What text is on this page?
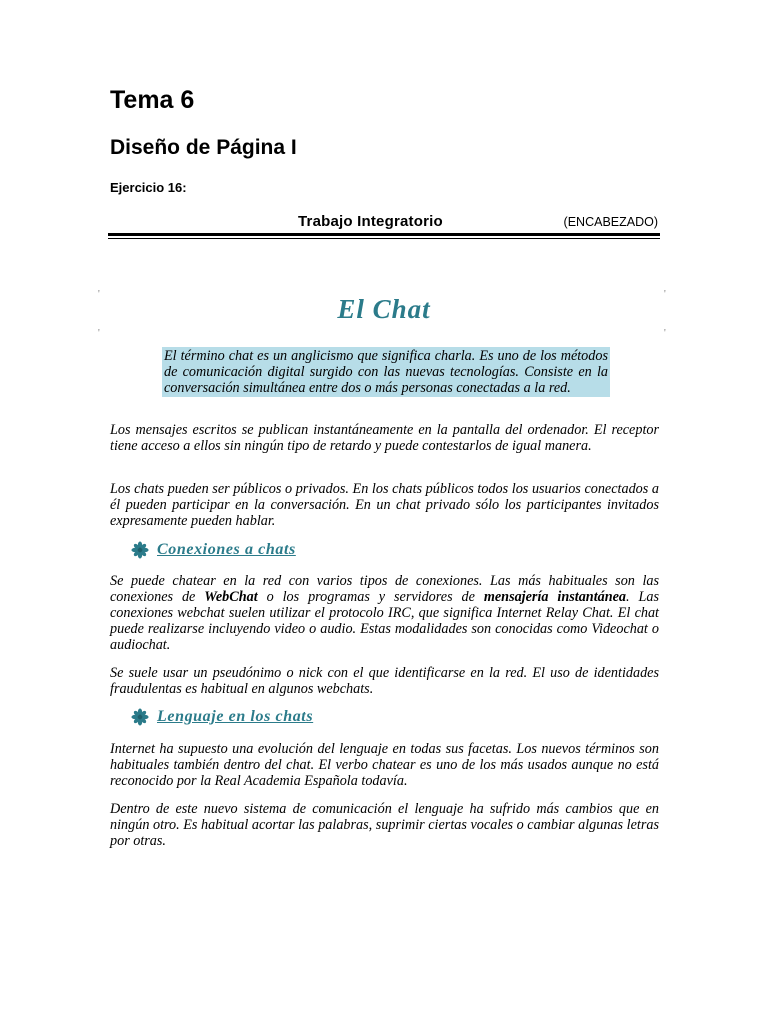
Tema 6
Diseño de Página I
Ejercicio 16:
Trabajo Integratorio	(ENCABEZADO)
'	'
'	'
El Chat
El término chat es un anglicismo que significa charla. Es uno de los métodos de comunicación digital surgido con las nuevas tecnologías. Consiste en la conversación simultánea entre dos o más personas conectadas a la red.

Los mensajes escritos se publican instantáneamente en la pantalla del ordenador. El receptor tiene acceso a ellos sin ningún tipo de retardo y puede contestarlos de igual manera.

Los chats pueden ser públicos o privados. En los chats públicos todos los usuarios conectados a él pueden participar en la conversación. En un chat privado sólo los participantes invitados expresamente pueden hablar.

Conexiones a chats

Se puede chatear en la red con varios tipos de conexiones. Las más habituales son las conexiones de WebChat o los programas y servidores de mensajería instantánea. Las conexiones webchat suelen utilizar el protocolo IRC, que significa Internet Relay Chat. El chat puede realizarse incluyendo video o audio. Estas modalidades son conocidas como Videochat o audiochat.

Se suele usar un pseudónimo o nick con el que identificarse en la red. El uso de identidades fraudulentas es habitual en algunos webchats.

Lenguaje en los chats

Internet ha supuesto una evolución del lenguaje en todas sus facetas. Los nuevos términos son habituales también dentro del chat. El verbo chatear es uno de los más usados aunque no está reconocido por la Real Academia Española todavía.

Dentro de este nuevo sistema de comunicación el lenguaje ha sufrido más cambios que en ningún otro. Es habitual acortar las palabras, suprimir ciertas vocales o cambiar algunas letras por otras.
